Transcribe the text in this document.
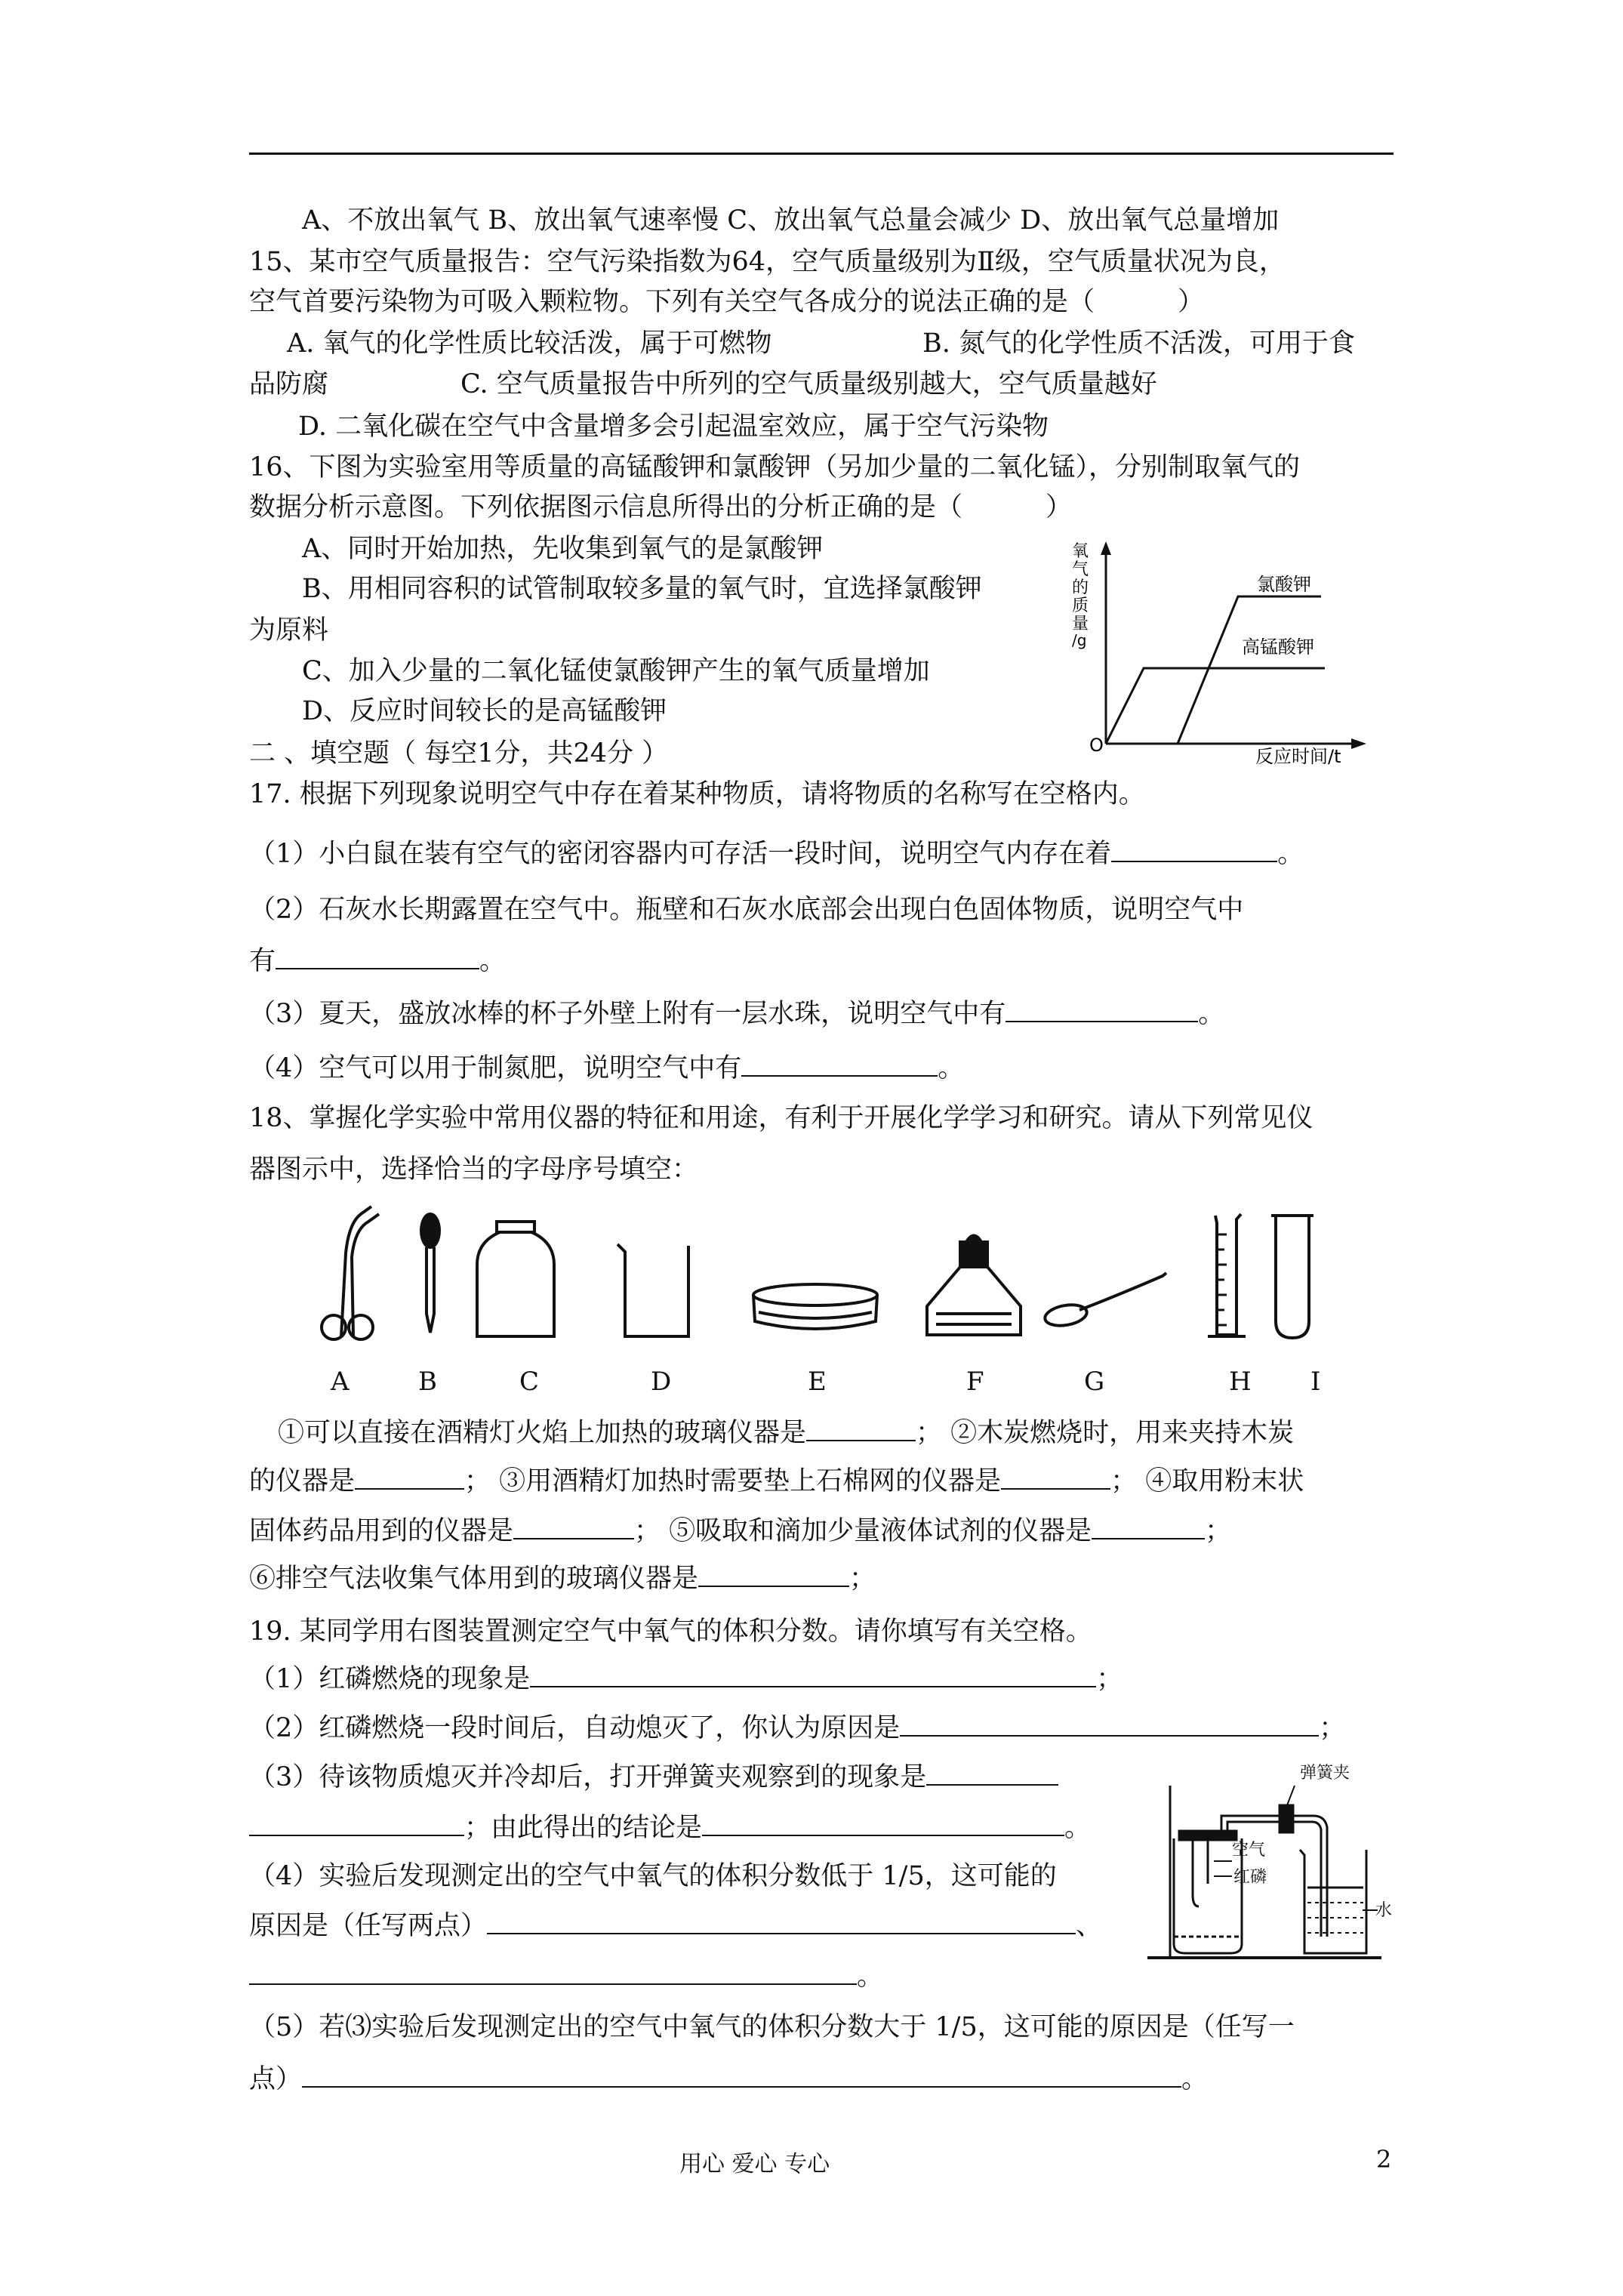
A、不放出氧气 B、放出氧气速率慢 C、放出氧气总量会减少 D、放出氧气总量增加
15、某市空气质量报告：空气污染指数为64，空气质量级别为Ⅱ级，空气质量状况为良，
空气首要污染物为可吸入颗粒物。下列有关空气各成分的说法正确的是（	）
A. 氧气的化学性质比较活泼，属于可燃物	B. 氮气的化学性质不活泼，可用于食
品防腐	C. 空气质量报告中所列的空气质量级别越大，空气质量越好
D. 二氧化碳在空气中含量增多会引起温室效应，属于空气污染物
16、下图为实验室用等质量的高锰酸钾和氯酸钾（另加少量的二氧化锰），分别制取氧气的
数据分析示意图。下列依据图示信息所得出的分析正确的是（	）
A、同时开始加热，先收集到氧气的是氯酸钾
B、用相同容积的试管制取较多量的氧气时，宜选择氯酸钾
为原料
C、加入少量的二氧化锰使氯酸钾产生的氧气质量增加
D、反应时间较长的是高锰酸钾
氧
气
的
质
量
/g
O
反应时间/t
氯酸钾
高锰酸钾
二 、填空题（ 每空1分，共24分 ）
17. 根据下列现象说明空气中存在着某种物质，请将物质的名称写在空格内。
（1）小白鼠在装有空气的密闭容器内可存活一段时间，说明空气内存在着	。
（2）石灰水长期露置在空气中。瓶壁和石灰水底部会出现白色固体物质，说明空气中
有	。
（3）夏天，盛放冰棒的杯子外壁上附有一层水珠，说明空气中有	。
（4）空气可以用于制氮肥，说明空气中有	。
18、掌握化学实验中常用仪器的特征和用途，有利于开展化学学习和研究。请从下列常见仪
器图示中，选择恰当的字母序号填空：
A	B	C	D	E	F	G	H I
①可以直接在酒精灯火焰上加热的玻璃仪器是	； ②木炭燃烧时，用来夹持木炭
的仪器是	； ③用酒精灯加热时需要垫上石棉网的仪器是	； ④取用粉末状
固体药品用到的仪器是	； ⑤吸取和滴加少量液体试剂的仪器是	；
⑥排空气法收集气体用到的玻璃仪器是	；
19. 某同学用右图装置测定空气中氧气的体积分数。请你填写有关空格。
（1）红磷燃烧的现象是	；
（2）红磷燃烧一段时间后，自动熄灭了，你认为原因是	；
（3）待该物质熄灭并冷却后，打开弹簧夹观察到的现象是
；由此得出的结论是	。
（4）实验后发现测定出的空气中氧气的体积分数低于 1/5，这可能的
原因是（任写两点）	、
。
（5）若⑶实验后发现测定出的空气中氧气的体积分数大于 1/5，这可能的原因是（任写一
点）	。
弹簧夹
空气
红磷
水
用心 爱心 专心	2
